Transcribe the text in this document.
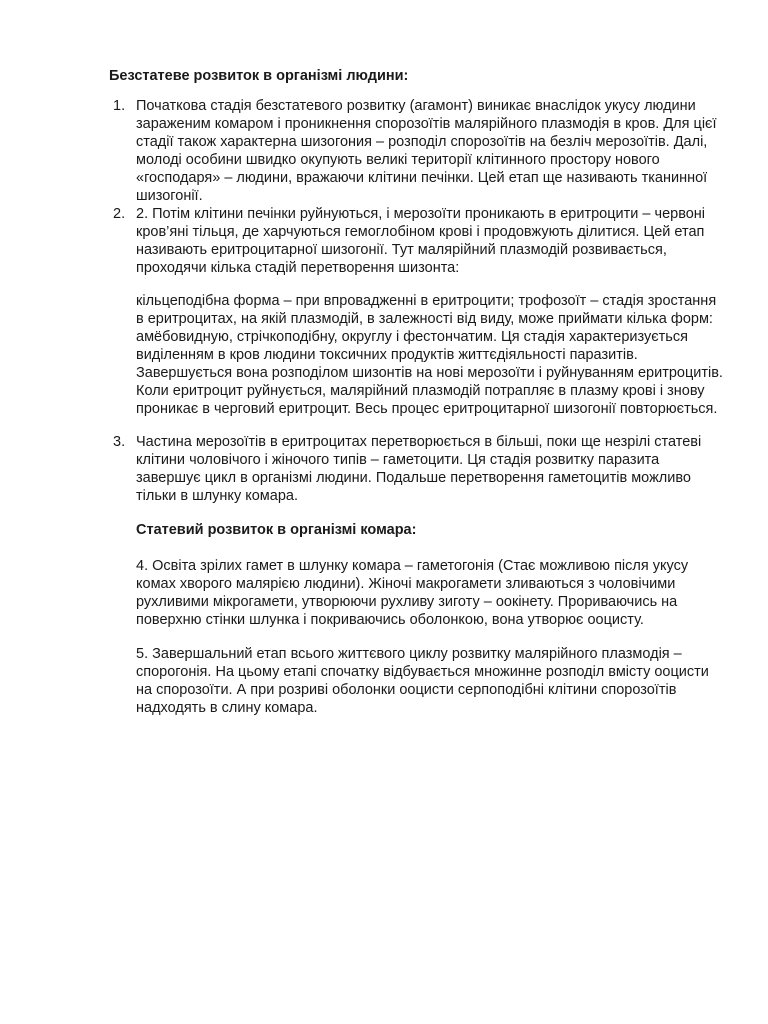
Безстатеве розвиток в організмі людини:
1. Початкова стадія безстатевого розвитку (агамонт) виникає внаслідок укусу людини
зараженим комаром і проникнення спорозоїтів малярійного плазмодія в кров. Для цієї
стадії також характерна шизогония – розподіл спорозоїтів на безліч мерозоїтів. Далі,
молоді особини швидко окупують великі території клітинного простору нового
«господаря» – людини, вражаючи клітини печінки. Цей етап ще називають тканинної
шизогонії.
2. 2. Потім клітини печінки руйнуються, і мерозоїти проникають в еритроцити – червоні
кров’яні тільця, де харчуються гемоглобіном крові і продовжують ділитися. Цей етап
називають еритроцитарної шизогонії. Тут малярійний плазмодій розвивається,
проходячи кілька стадій перетворення шизонта:
кільцеподібна форма – при впровадженні в еритроцити; трофозоїт – стадія зростання
в еритроцитах, на якій плазмодій, в залежності від виду, може приймати кілька форм:
амёбовидную, стрічкоподібну, округлу і фестончатим. Ця стадія характеризується
виділенням в кров людини токсичних продуктів життєдіяльності паразитів.
Завершується вона розподілом шизонтів на нові мерозоїти і руйнуванням еритроцитів.
Коли еритроцит руйнується, малярійний плазмодій потрапляє в плазму крові і знову
проникає в черговий еритроцит. Весь процес еритроцитарної шизогонії повторюється.
3. Частина мерозоїтів в еритроцитах перетворюється в більші, поки ще незрілі статеві
клітини чоловічого і жіночого типів – гаметоцити. Ця стадія розвитку паразита
завершує цикл в організмі людини. Подальше перетворення гаметоцитів можливо
тільки в шлунку комара.
Статевий розвиток в організмі комара:
4. Освіта зрілих гамет в шлунку комара – гаметогонія (Стає можливою після укусу
комах хворого малярією людини). Жіночі макрогамети зливаються з чоловічими
рухливими мікрогамети, утворюючи рухливу зиготу – оокінету. Прориваючись на
поверхню стінки шлунка і покриваючись оболонкою, вона утворює ооцисту.
5. Завершальний етап всього життєвого циклу розвитку малярійного плазмодія –
спорогонія. На цьому етапі спочатку відбувається множинне розподіл вмісту ооцисти
на спорозоїти. А при розриві оболонки ооцисти серпоподібні клітини спорозоїтів
надходять в слину комара.
